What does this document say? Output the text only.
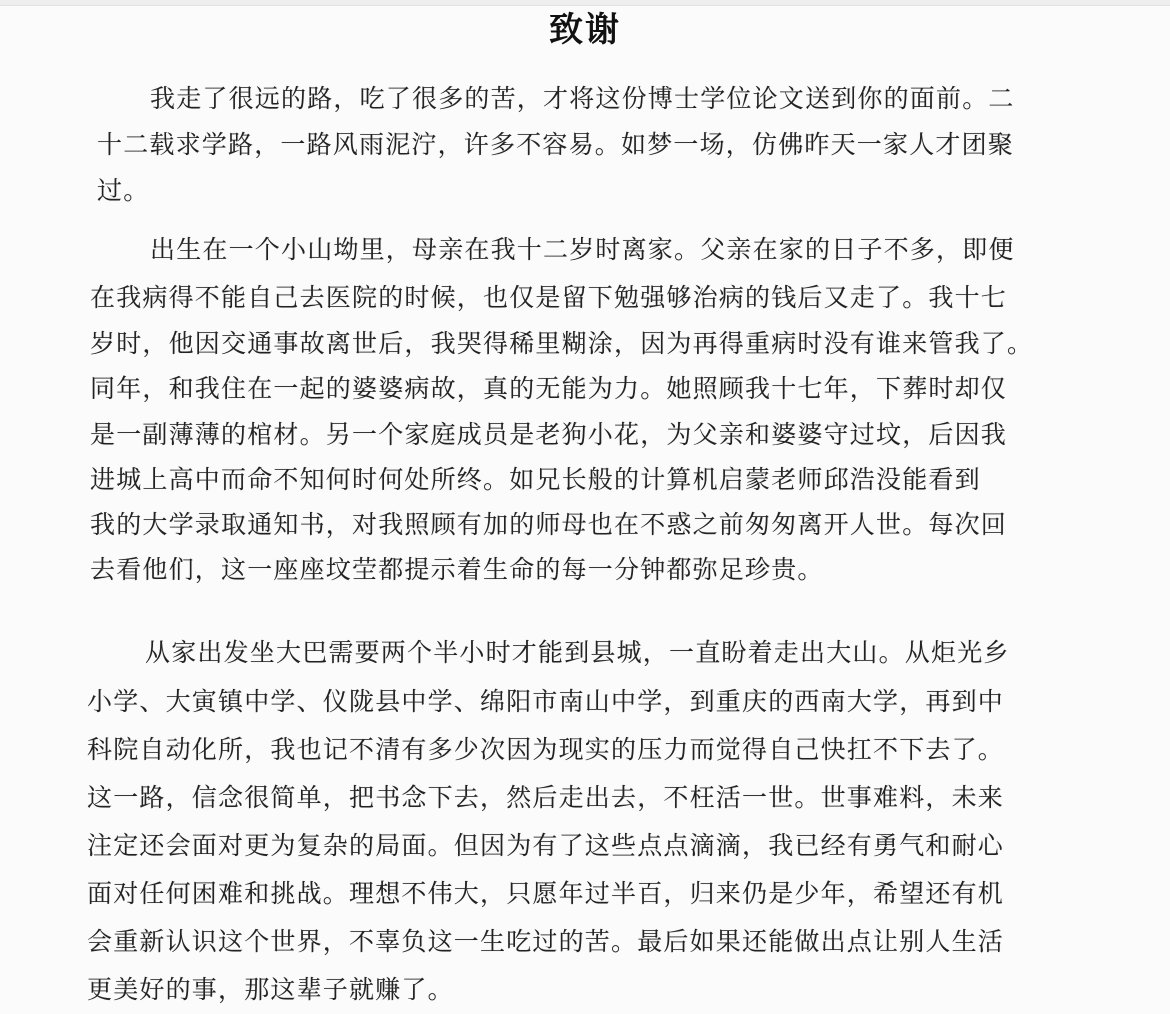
致谢
我走了很远的路，吃了很多的苦，才将这份博士学位论文送到你的面前。二
十二载求学路，一路风雨泥泞，许多不容易。如梦一场，仿佛昨天一家人才团聚
过。
出生在一个小山坳里，母亲在我十二岁时离家。父亲在家的日子不多，即便
在我病得不能自己去医院的时候，也仅是留下勉强够治病的钱后又走了。我十七
岁时，他因交通事故离世后，我哭得稀里糊涂，因为再得重病时没有谁来管我了。
同年，和我住在一起的婆婆病故，真的无能为力。她照顾我十七年，下葬时却仅
是一副薄薄的棺材。另一个家庭成员是老狗小花，为父亲和婆婆守过坟，后因我
进城上高中而命不知何时何处所终。如兄长般的计算机启蒙老师邱浩没能看到
我的大学录取通知书，对我照顾有加的师母也在不惑之前匆匆离开人世。每次回
去看他们，这一座座坟茔都提示着生命的每一分钟都弥足珍贵。
从家出发坐大巴需要两个半小时才能到县城，一直盼着走出大山。从炬光乡
小学、大寅镇中学、仪陇县中学、绵阳市南山中学，到重庆的西南大学，再到中
科院自动化所，我也记不清有多少次因为现实的压力而觉得自己快扛不下去了。
这一路，信念很简单，把书念下去，然后走出去，不枉活一世。世事难料，未来
注定还会面对更为复杂的局面。但因为有了这些点点滴滴，我已经有勇气和耐心
面对任何困难和挑战。理想不伟大，只愿年过半百，归来仍是少年，希望还有机
会重新认识这个世界，不辜负这一生吃过的苦。最后如果还能做出点让别人生活
更美好的事，那这辈子就赚了。
